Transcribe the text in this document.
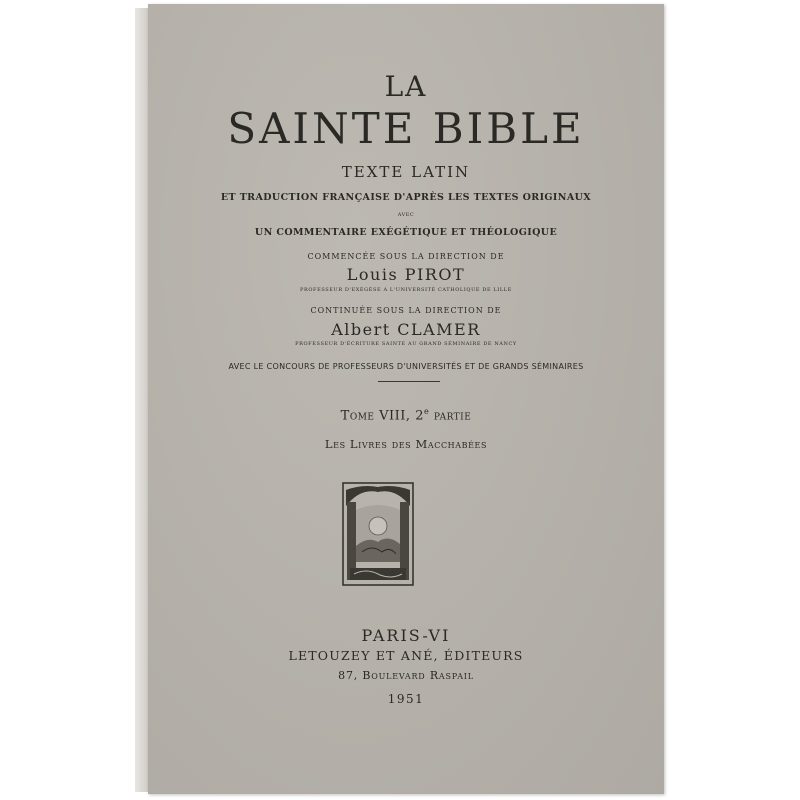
LA
SAINTE BIBLE
TEXTE LATIN
ET TRADUCTION FRANÇAISE D'APRÈS LES TEXTES ORIGINAUX
AVEC
UN COMMENTAIRE EXÉGÉTIQUE ET THÉOLOGIQUE
COMMENCÉE SOUS LA DIRECTION DE
Louis PIROT
PROFESSEUR D'EXÉGÈSE A L'UNIVERSITÉ CATHOLIQUE DE LILLE
CONTINUÉE SOUS LA DIRECTION DE
Albert CLAMER
PROFESSEUR D'ÉCRITURE SAINTE AU GRAND SÉMINAIRE DE NANCY
AVEC LE CONCOURS DE PROFESSEURS D'UNIVERSITÉS ET DE GRANDS SÉMINAIRES
Tome VIII, 2e partie
Les Livres des Macchabées
PARIS-VI
LETOUZEY ET ANÉ, ÉDITEURS
87, Boulevard Raspail
1951
